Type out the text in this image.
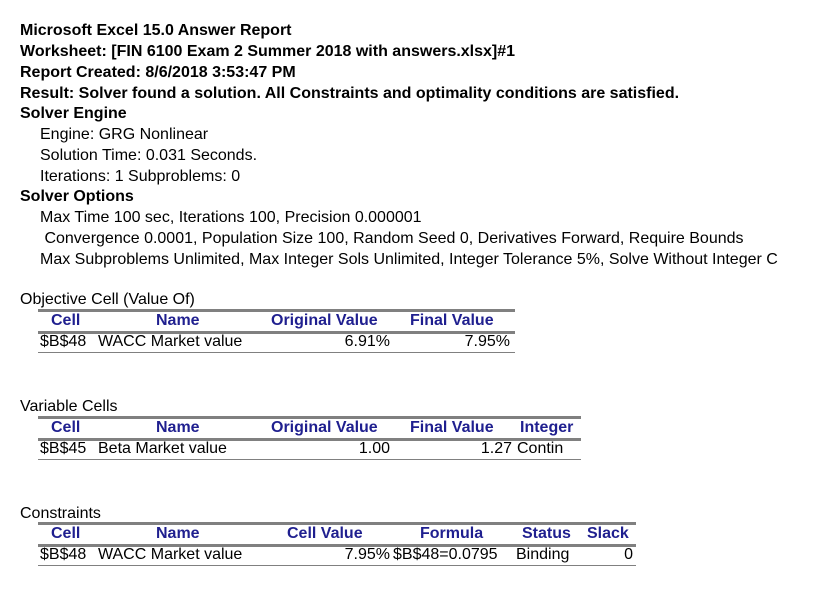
Microsoft Excel 15.0 Answer Report
Worksheet: [FIN 6100 Exam 2 Summer 2018 with answers.xlsx]#1
Report Created: 8/6/2018 3:53:47 PM
Result: Solver found a solution. All Constraints and optimality conditions are satisfied.
Solver Engine
Engine: GRG Nonlinear
Solution Time: 0.031 Seconds.
Iterations: 1 Subproblems: 0
Solver Options
Max Time 100 sec, Iterations 100, Precision 0.000001
Convergence 0.0001, Population Size 100, Random Seed 0, Derivatives Forward, Require Bounds
Max Subproblems Unlimited, Max Integer Sols Unlimited, Integer Tolerance 5%, Solve Without Integer C
Objective Cell (Value Of)
Cell	Name	Original Value Final Value
$B$48 WACC Market value	6.91%	7.95%
Variable Cells
Cell	Name	Original Value Final Value Integer
$B$45 Beta Market value	1.00	1.27 Contin
Constraints
Cell	Name	Cell Value	Formula Status Slack
$B$48 WACC Market value	7.95% $B$48=0.0795 Binding	0
